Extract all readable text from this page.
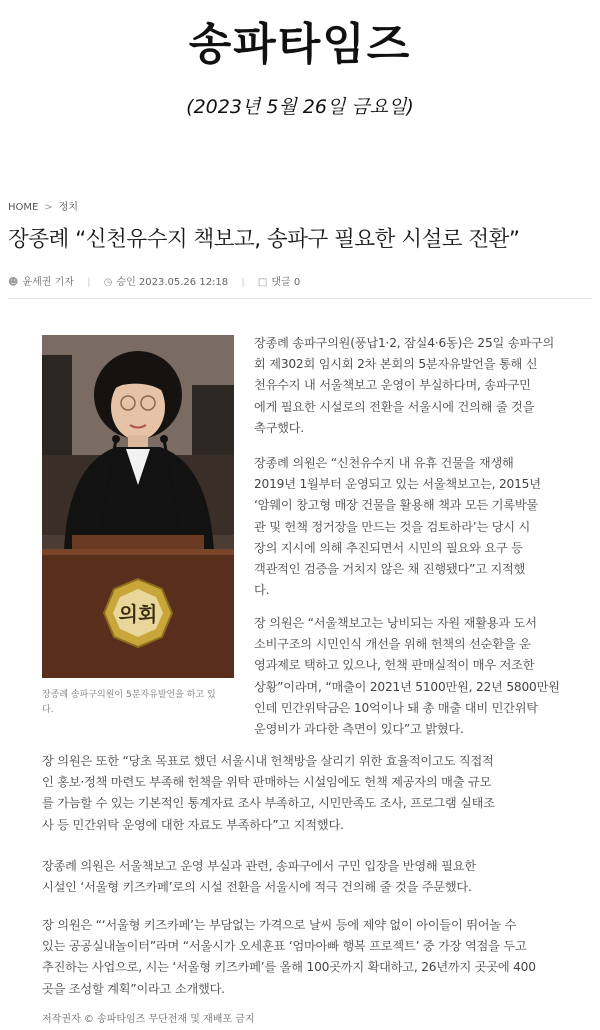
송파타임즈
(2023년 5월 26일 금요일)
HOME > 정치
장종례 “신천유수지 책보고, 송파구 필요한 시설로 전환”
☻ 윤세권 기자 | ◷ 승인 2023.05.26 12:18 | □ 댓글 0
의회
장종례 송파구의원이 5분자유발언을 하고 있
다.

장종례 송파구의원(풍납1·2, 잠실4·6동)은 25일 송파구의

회 제302회 임시회 2차 본회의 5분자유발언을 통해 신

천유수지 내 서울책보고 운영이 부실하다며, 송파구민

에게 필요한 시설로의 전환을 서울시에 건의해 줄 것을

촉구했다.

장종례 의원은 “신천유수지 내 유휴 건물을 재생해

2019년 1월부터 운영되고 있는 서울책보고는, 2015년

‘암웨이 창고형 매장 건물을 활용해 책과 모든 기록박물

관 및 헌책 정거장을 만드는 것을 검토하라’는 당시 시

장의 지시에 의해 추진되면서 시민의 필요와 요구 등

객관적인 검증을 거치지 않은 채 진행됐다”고 지적했

다.

장 의원은 “서울책보고는 낭비되는 자원 재활용과 도서

소비구조의 시민인식 개선을 위해 헌책의 선순환을 운

영과제로 택하고 있으나, 헌책 판매실적이 매우 저조한

상황”이라며, “매출이 2021년 5100만원, 22년 5800만원

인데 민간위탁금은 10억이나 돼 총 매출 대비 민간위탁

운영비가 과다한 측면이 있다”고 밝혔다.

장 의원은 또한 “당초 목표로 했던 서울시내 헌책방을 살리기 위한 효율적이고도 직접적

인 홍보·정책 마련도 부족해 헌책을 위탁 판매하는 시설임에도 헌책 제공자의 매출 규모

를 가늠할 수 있는 기본적인 통계자료 조사 부족하고, 시민만족도 조사, 프로그램 실태조

사 등 민간위탁 운영에 대한 자료도 부족하다”고 지적했다.

장종례 의원은 서울책보고 운영 부실과 관련, 송파구에서 구민 입장을 반영해 필요한

시설인 ‘서울형 키즈카페’로의 시설 전환을 서울시에 적극 건의해 줄 것을 주문했다.

장 의원은 “‘서울형 키즈카페’는 부담없는 가격으로 날씨 등에 제약 없이 아이들이 뛰어놀 수

있는 공공실내놀이터”라며 “서울시가 오세훈표 ‘엄마아빠 행복 프로젝트’ 중 가장 역점을 두고

추진하는 사업으로, 시는 ‘서울형 키즈카페’를 올해 100곳까지 확대하고, 26년까지 곳곳에 400

곳을 조성할 계획”이라고 소개했다.

저작권자 © 송파타임즈 무단전재 및 재배포 금지
